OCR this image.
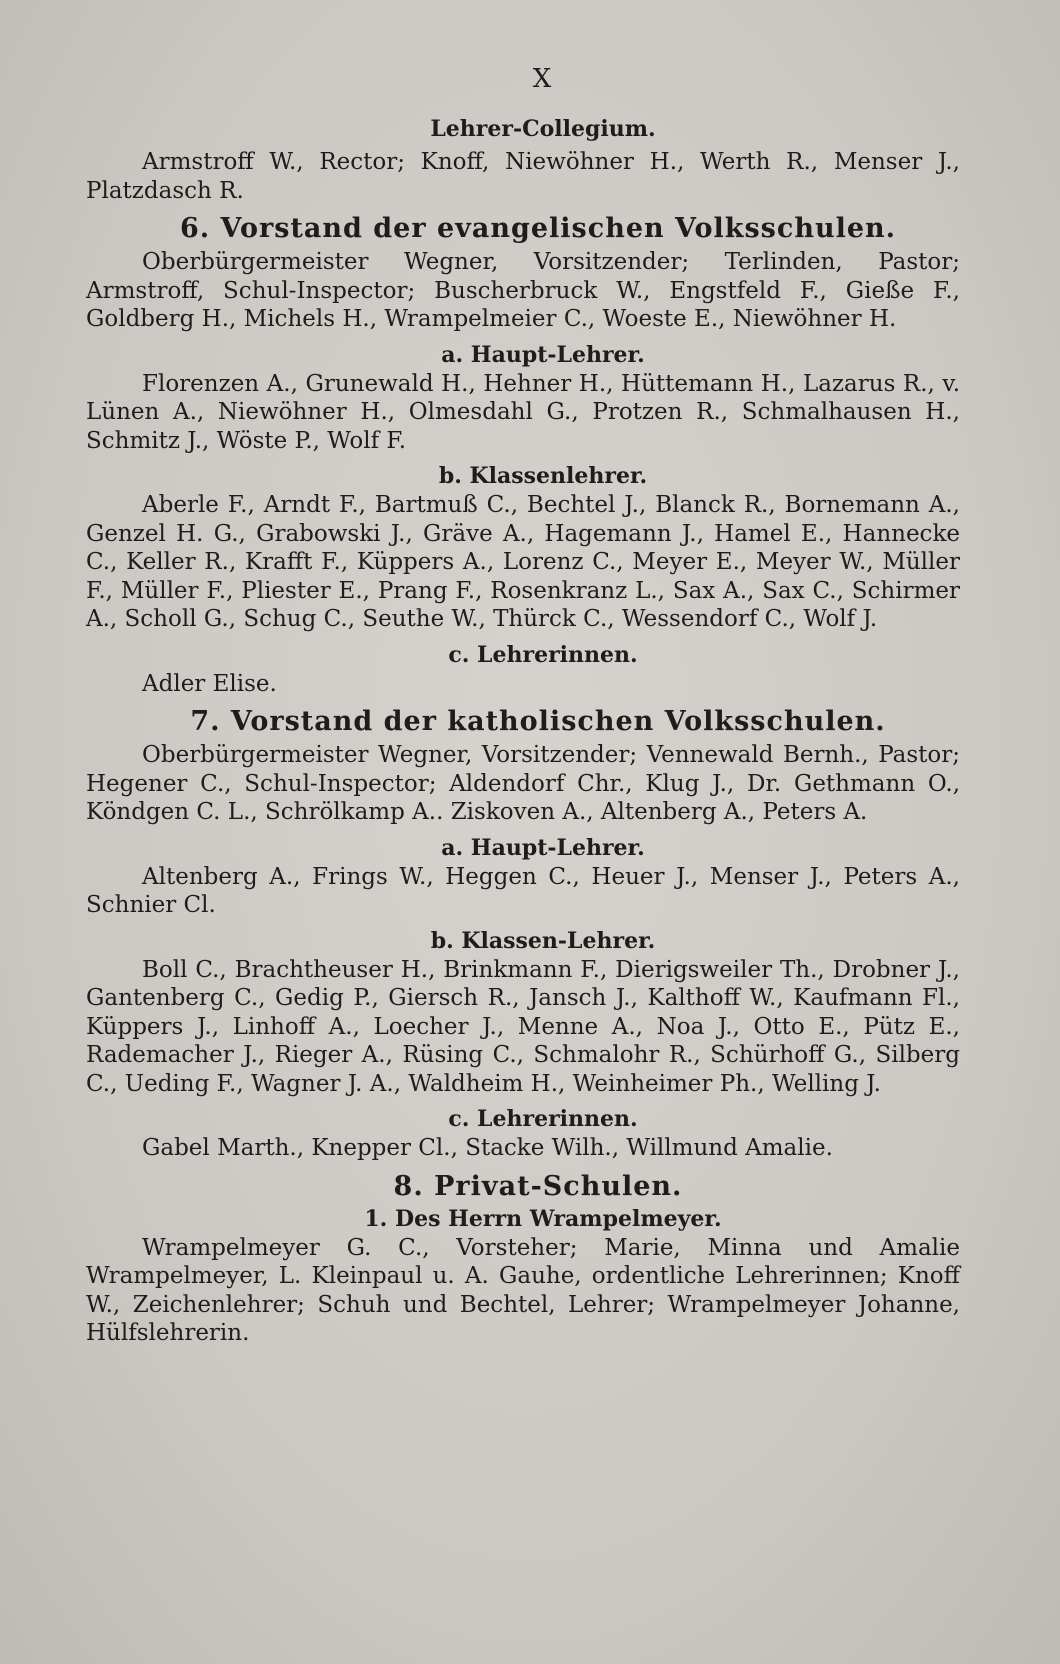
X
Lehrer-Collegium.

Armstroff W., Rector; Knoff, Niewöhner H., Werth R., Menser J., Platzdasch R.

6. Vorstand der evangelischen Volksschulen.

Oberbürgermeister Wegner, Vorsitzender; Terlinden, Pastor; Armstroff, Schul-Inspector; Buscherbruck W., Engstfeld F., Gieße F., Goldberg H., Michels H., Wrampelmeier C., Woeste E., Niewöhner H.

a. Haupt-Lehrer.

Florenzen A., Grunewald H., Hehner H., Hüttemann H., Lazarus R., v. Lünen A., Niewöhner H., Olmesdahl G., Protzen R., Schmalhausen H., Schmitz J., Wöste P., Wolf F.

b. Klassenlehrer.

Aberle F., Arndt F., Bartmuß C., Bechtel J., Blanck R., Bornemann A., Genzel H. G., Grabowski J., Gräve A., Hagemann J., Hamel E., Hannecke C., Keller R., Krafft F., Küppers A., Lorenz C., Meyer E., Meyer W., Müller F., Müller F., Pliester E., Prang F., Rosenkranz L., Sax A., Sax C., Schirmer A., Scholl G., Schug C., Seuthe W., Thürck C., Wessendorf C., Wolf J.

c. Lehrerinnen.

Adler Elise.

7. Vorstand der katholischen Volksschulen.

Oberbürgermeister Wegner, Vorsitzender; Vennewald Bernh., Pastor; Hegener C., Schul-Inspector; Aldendorf Chr., Klug J., Dr. Gethmann O., Köndgen C. L., Schrölkamp A.. Ziskoven A., Altenberg A., Peters A.

a. Haupt-Lehrer.

Altenberg A., Frings W., Heggen C., Heuer J., Menser J., Peters A., Schnier Cl.

b. Klassen-Lehrer.

Boll C., Brachtheuser H., Brinkmann F., Dierigsweiler Th., Drobner J., Gantenberg C., Gedig P., Giersch R., Jansch J., Kalthoff W., Kaufmann Fl., Küppers J., Linhoff A., Loecher J., Menne A., Noa J., Otto E., Pütz E., Rademacher J., Rieger A., Rüsing C., Schmalohr R., Schürhoff G., Silberg C., Ueding F., Wagner J. A., Waldheim H., Weinheimer Ph., Welling J.

c. Lehrerinnen.

Gabel Marth., Knepper Cl., Stacke Wilh., Willmund Amalie.

8. Privat-Schulen.
1. Des Herrn Wrampelmeyer.

Wrampelmeyer G. C., Vorsteher; Marie, Minna und Amalie Wrampelmeyer, L. Kleinpaul u. A. Gauhe, ordentliche Lehrerinnen; Knoff W., Zeichenlehrer; Schuh und Bechtel, Lehrer; Wrampelmeyer Johanne, Hülfslehrerin.
